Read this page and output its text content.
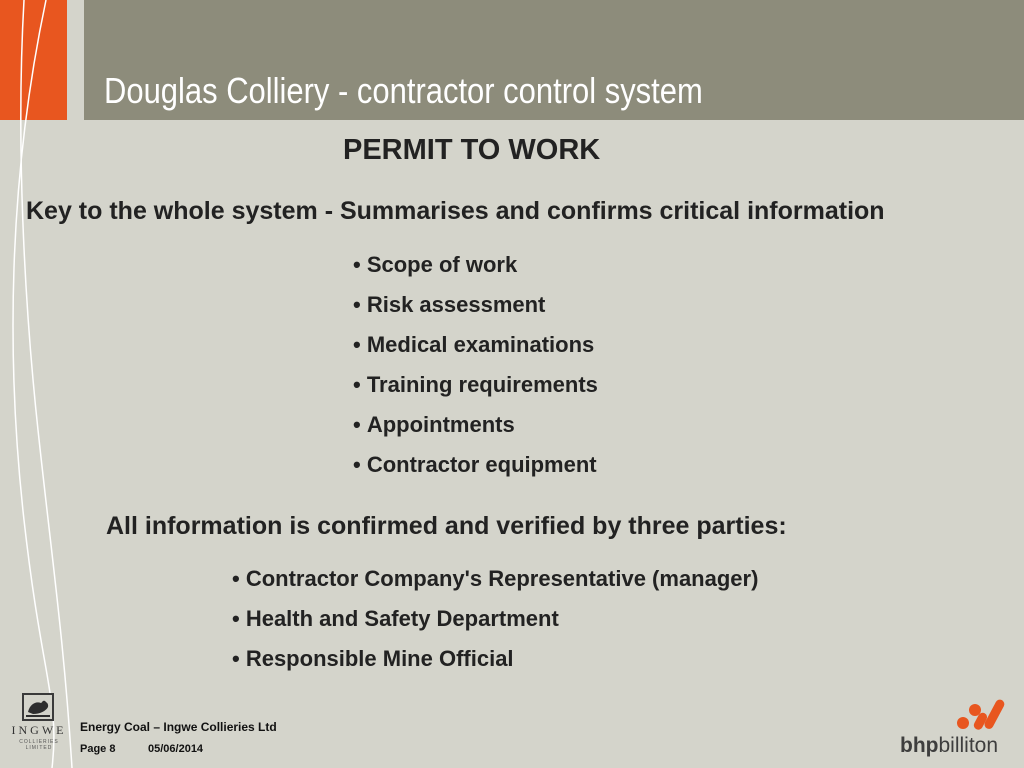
Douglas Colliery - contractor control system
PERMIT TO WORK

Key to the whole system - Summarises and confirms critical information

• Scope of work
• Risk assessment
• Medical examinations
• Training requirements
• Appointments
• Contractor equipment

All information is confirmed and verified by three parties:

• Contractor Company's Representative (manager)
• Health and Safety Department
• Responsible Mine Official
INGWE
COLLIERIES LIMITED
Energy Coal – Ingwe Collieries Ltd
Page 8	05/06/2014	bhpbilliton
